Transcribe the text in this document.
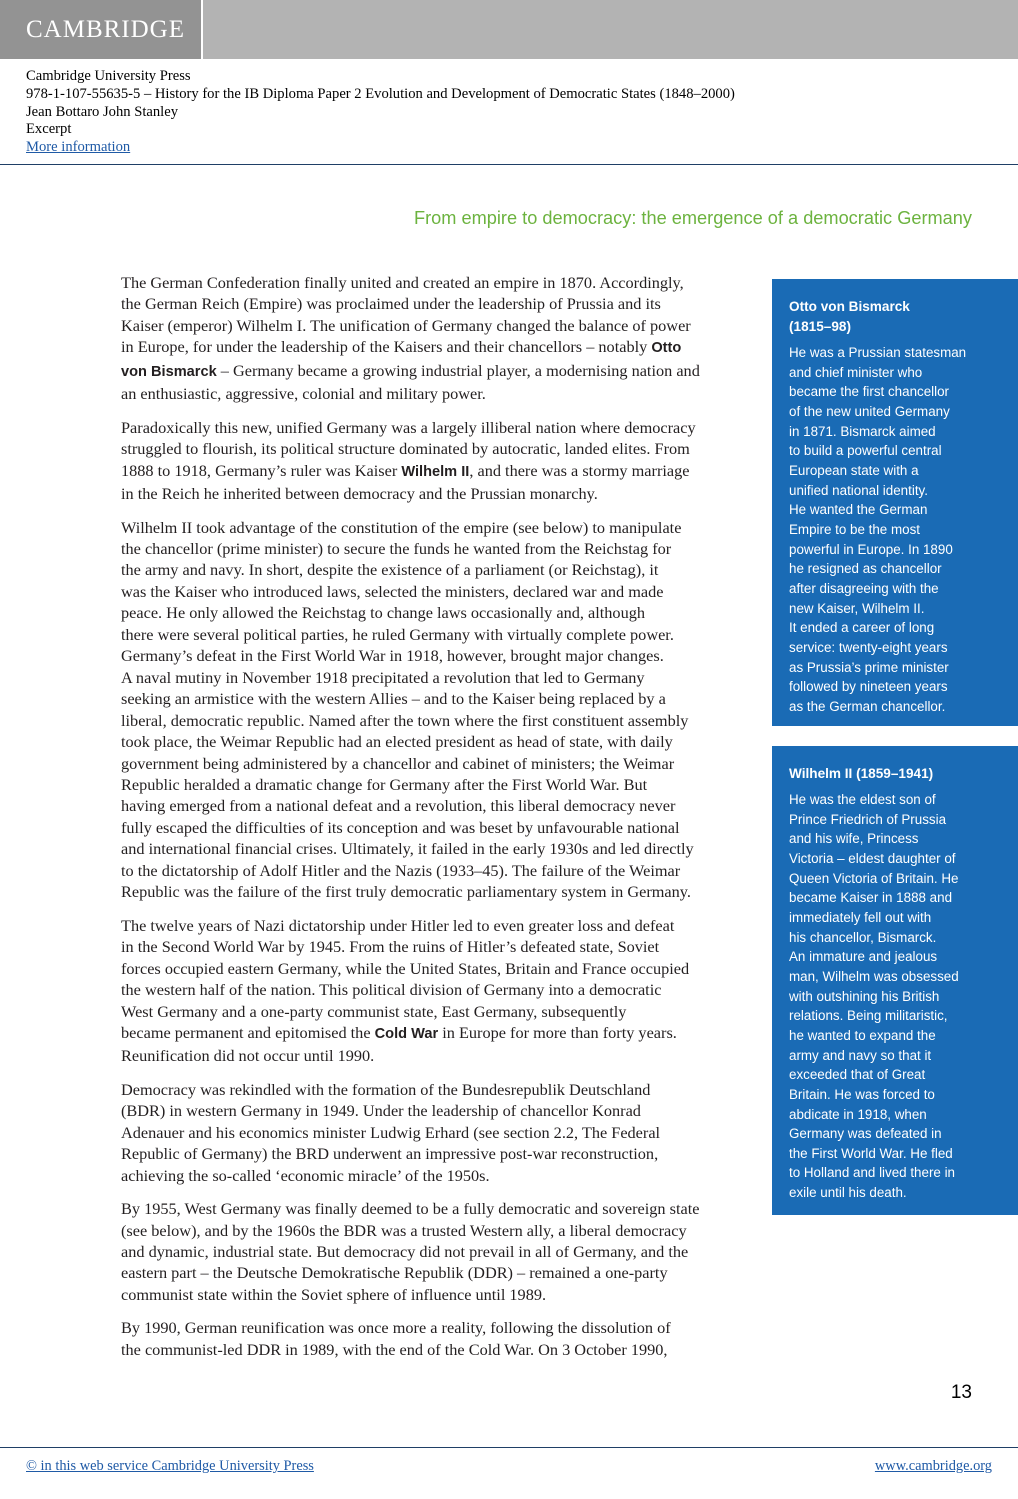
CAMBRIDGE
Cambridge University Press
978-1-107-55635-5 – History for the IB Diploma Paper 2 Evolution and Development of Democratic States (1848–2000)
Jean Bottaro John Stanley
Excerpt
More information
From empire to democracy: the emergence of a democratic Germany

The German Confederation finally united and created an empire in 1870. Accordingly,
the German Reich (Empire) was proclaimed under the leadership of Prussia and its
Kaiser (emperor) Wilhelm I. The unification of Germany changed the balance of power
in Europe, for under the leadership of the Kaisers and their chancellors – notably Otto
von Bismarck – Germany became a growing industrial player, a modernising nation and
an enthusiastic, aggressive, colonial and military power.

Paradoxically this new, unified Germany was a largely illiberal nation where democracy
struggled to flourish, its political structure dominated by autocratic, landed elites. From
1888 to 1918, Germany’s ruler was Kaiser Wilhelm II, and there was a stormy marriage
in the Reich he inherited between democracy and the Prussian monarchy.

Wilhelm II took advantage of the constitution of the empire (see below) to manipulate
the chancellor (prime minister) to secure the funds he wanted from the Reichstag for
the army and navy. In short, despite the existence of a parliament (or Reichstag), it
was the Kaiser who introduced laws, selected the ministers, declared war and made
peace. He only allowed the Reichstag to change laws occasionally and, although
there were several political parties, he ruled Germany with virtually complete power.
Germany’s defeat in the First World War in 1918, however, brought major changes.
A naval mutiny in November 1918 precipitated a revolution that led to Germany
seeking an armistice with the western Allies – and to the Kaiser being replaced by a
liberal, democratic republic. Named after the town where the first constituent assembly
took place, the Weimar Republic had an elected president as head of state, with daily
government being administered by a chancellor and cabinet of ministers; the Weimar
Republic heralded a dramatic change for Germany after the First World War. But
having emerged from a national defeat and a revolution, this liberal democracy never
fully escaped the difficulties of its conception and was beset by unfavourable national
and international financial crises. Ultimately, it failed in the early 1930s and led directly
to the dictatorship of Adolf Hitler and the Nazis (1933–45). The failure of the Weimar
Republic was the failure of the first truly democratic parliamentary system in Germany.

The twelve years of Nazi dictatorship under Hitler led to even greater loss and defeat
in the Second World War by 1945. From the ruins of Hitler’s defeated state, Soviet
forces occupied eastern Germany, while the United States, Britain and France occupied
the western half of the nation. This political division of Germany into a democratic
West Germany and a one-party communist state, East Germany, subsequently
became permanent and epitomised the Cold War in Europe for more than forty years.
Reunification did not occur until 1990.

Democracy was rekindled with the formation of the Bundesrepublik Deutschland
(BDR) in western Germany in 1949. Under the leadership of chancellor Konrad
Adenauer and his economics minister Ludwig Erhard (see section 2.2, The Federal
Republic of Germany) the BRD underwent an impressive post-war reconstruction,
achieving the so-called ‘economic miracle’ of the 1950s.

By 1955, West Germany was finally deemed to be a fully democratic and sovereign state
(see below), and by the 1960s the BDR was a trusted Western ally, a liberal democracy
and dynamic, industrial state. But democracy did not prevail in all of Germany, and the
eastern part – the Deutsche Demokratische Republik (DDR) – remained a one-party
communist state within the Soviet sphere of influence until 1989.

By 1990, German reunification was once more a reality, following the dissolution of
the communist-led DDR in 1989, with the end of the Cold War. On 3 October 1990,

Otto von Bismarck
(1815–98)
He was a Prussian statesman
and chief minister who
became the first chancellor
of the new united Germany
in 1871. Bismarck aimed
to build a powerful central
European state with a
unified national identity.
He wanted the German
Empire to be the most
powerful in Europe. In 1890
he resigned as chancellor
after disagreeing with the
new Kaiser, Wilhelm II.
It ended a career of long
service: twenty-eight years
as Prussia’s prime minister
followed by nineteen years
as the German chancellor.
Wilhelm II (1859–1941)
He was the eldest son of
Prince Friedrich of Prussia
and his wife, Princess
Victoria – eldest daughter of
Queen Victoria of Britain. He
became Kaiser in 1888 and
immediately fell out with
his chancellor, Bismarck.
An immature and jealous
man, Wilhelm was obsessed
with outshining his British
relations. Being militaristic,
he wanted to expand the
army and navy so that it
exceeded that of Great
Britain. He was forced to
abdicate in 1918, when
Germany was defeated in
the First World War. He fled
to Holland and lived there in
exile until his death.
13
© in this web service Cambridge University Press	www.cambridge.org
